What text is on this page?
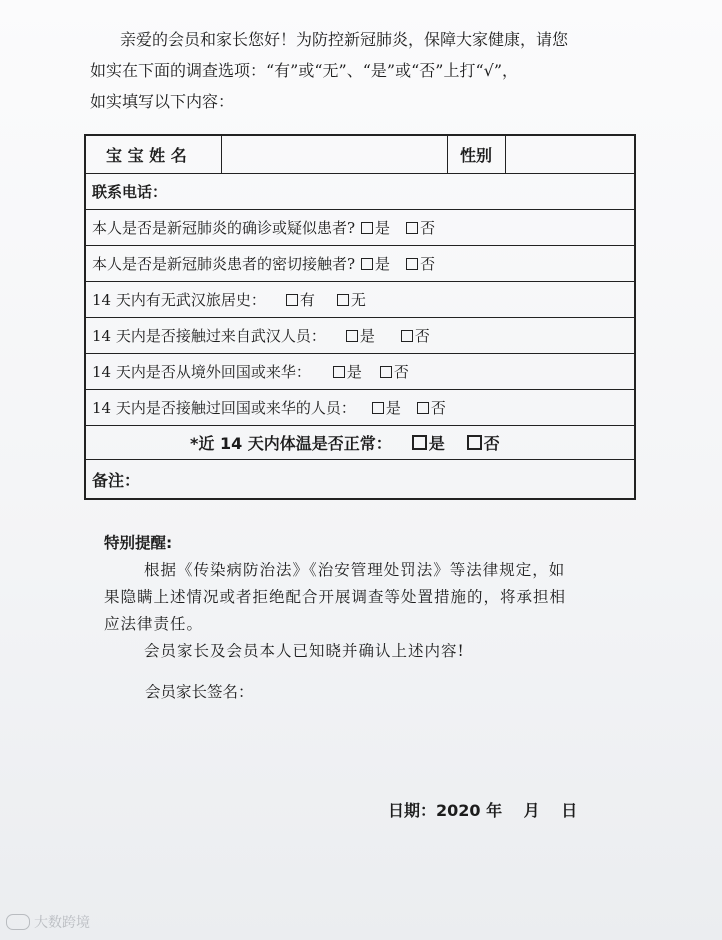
亲爱的会员和家长您好！为防控新冠肺炎，保障大家健康，请您
如实在下面的调查选项：“有”或“无”、“是”或“否”上打“√”，
如实填写以下内容：
宝 宝 姓 名	性别
联系电话：
本人是否是新冠肺炎的确诊或疑似患者? 是 否
本人是否是新冠肺炎患者的密切接触者? 是 否
14 天内有无武汉旅居史： 有 无
14 天内是否接触过来自武汉人员： 是	否
14 天内是否从境外回国或来华： 是 否
14 天内是否接触过回国或来华的人员： 是 否
*近 14 天内体温是否正常： 是 否
备注：
特别提醒:

根据《传染病防治法》《治安管理处罚法》等法律规定，如

果隐瞒上述情况或者拒绝配合开展调查等处置措施的，将承担相

应法律责任。

会员家长及会员本人已知晓并确认上述内容!

会员家长签名：
日期：2020 年　 月　 日
大数跨境
